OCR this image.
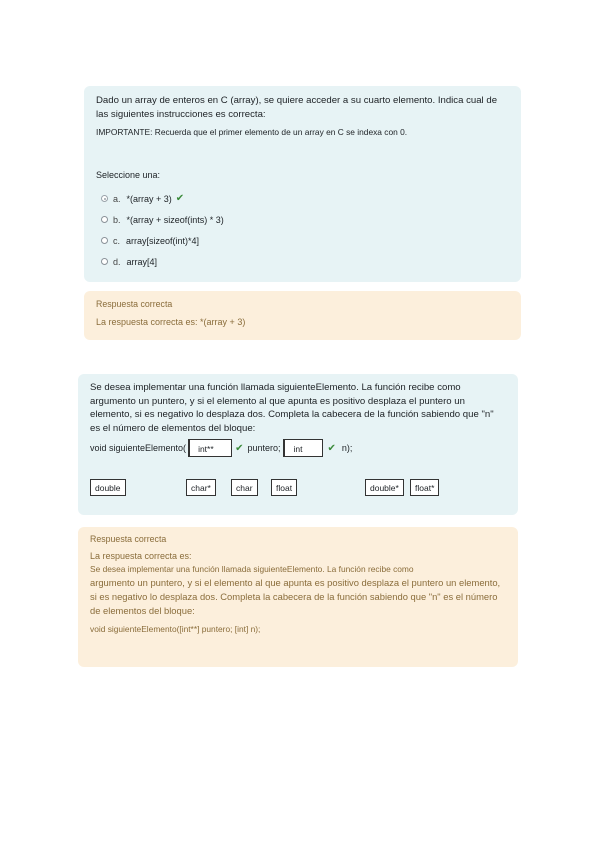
Dado un array de enteros en C (array), se quiere acceder a su cuarto elemento. Indica cual de las siguientes instrucciones es correcta:

IMPORTANTE: Recuerda que el primer elemento de un array en C se indexa con 0.

Seleccione una:
a. *(array + 3) ✔
b. *(array + sizeof(ints) * 3)
c. array[sizeof(int)*4]
d. array[4]

Respuesta correcta

La respuesta correcta es: *(array + 3)

Se desea implementar una función llamada siguienteElemento. La función recibe como argumento un puntero, y si el elemento al que apunta es positivo desplaza el puntero un elemento, si es negativo lo desplaza dos. Completa la cabecera de la función sabiendo que "n" es el número de elementos del bloque:

void siguienteElemento(	int**	✔ puntero;	int	✔ n);
double	char*	char	float	double*	float*

Respuesta correcta

La respuesta correcta es:

Se desea implementar una función llamada siguienteElemento. La función recibe como

argumento un puntero, y si el elemento al que apunta es positivo desplaza el puntero un elemento, si es negativo lo desplaza dos. Completa la cabecera de la función sabiendo que "n" es el número de elementos del bloque:

void siguienteElemento([int**] puntero; [int] n);
